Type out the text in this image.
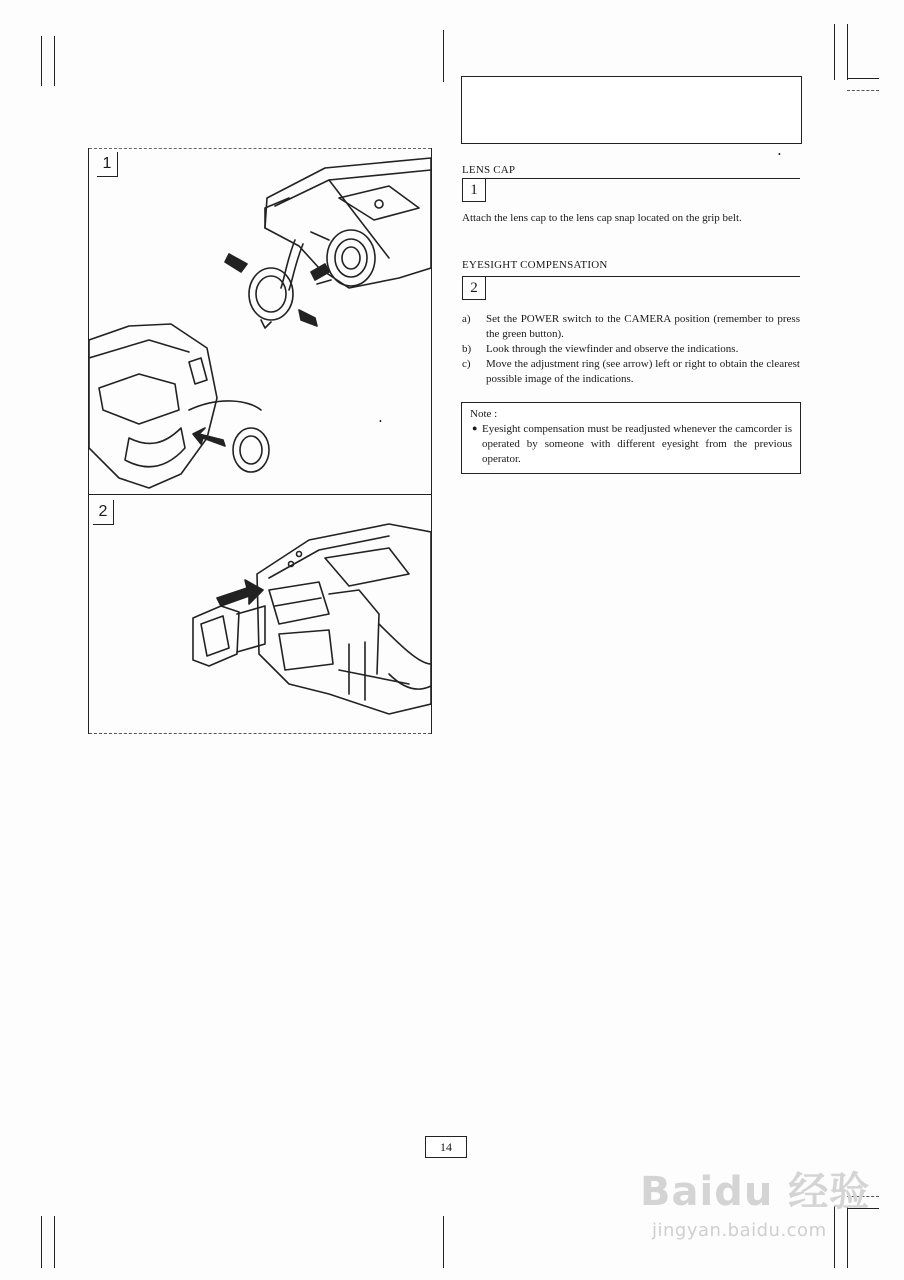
1
2
•
•
LENS CAP
1
Attach the lens cap to the lens cap snap located on the grip belt.
EYESIGHT COMPENSATION
2
a)	Set the POWER switch to the CAMERA position (remember to press the green button).
b)	Look through the viewfinder and observe the indications.
c)	Move the adjustment ring (see arrow) left or right to obtain the clearest possible image of the indications.
Note :
● Eyesight compensation must be readjusted whenever the camcorder is operated by someone with different eyesight from the previous operator.
14
Baidu 经验
jingyan.baidu.com
